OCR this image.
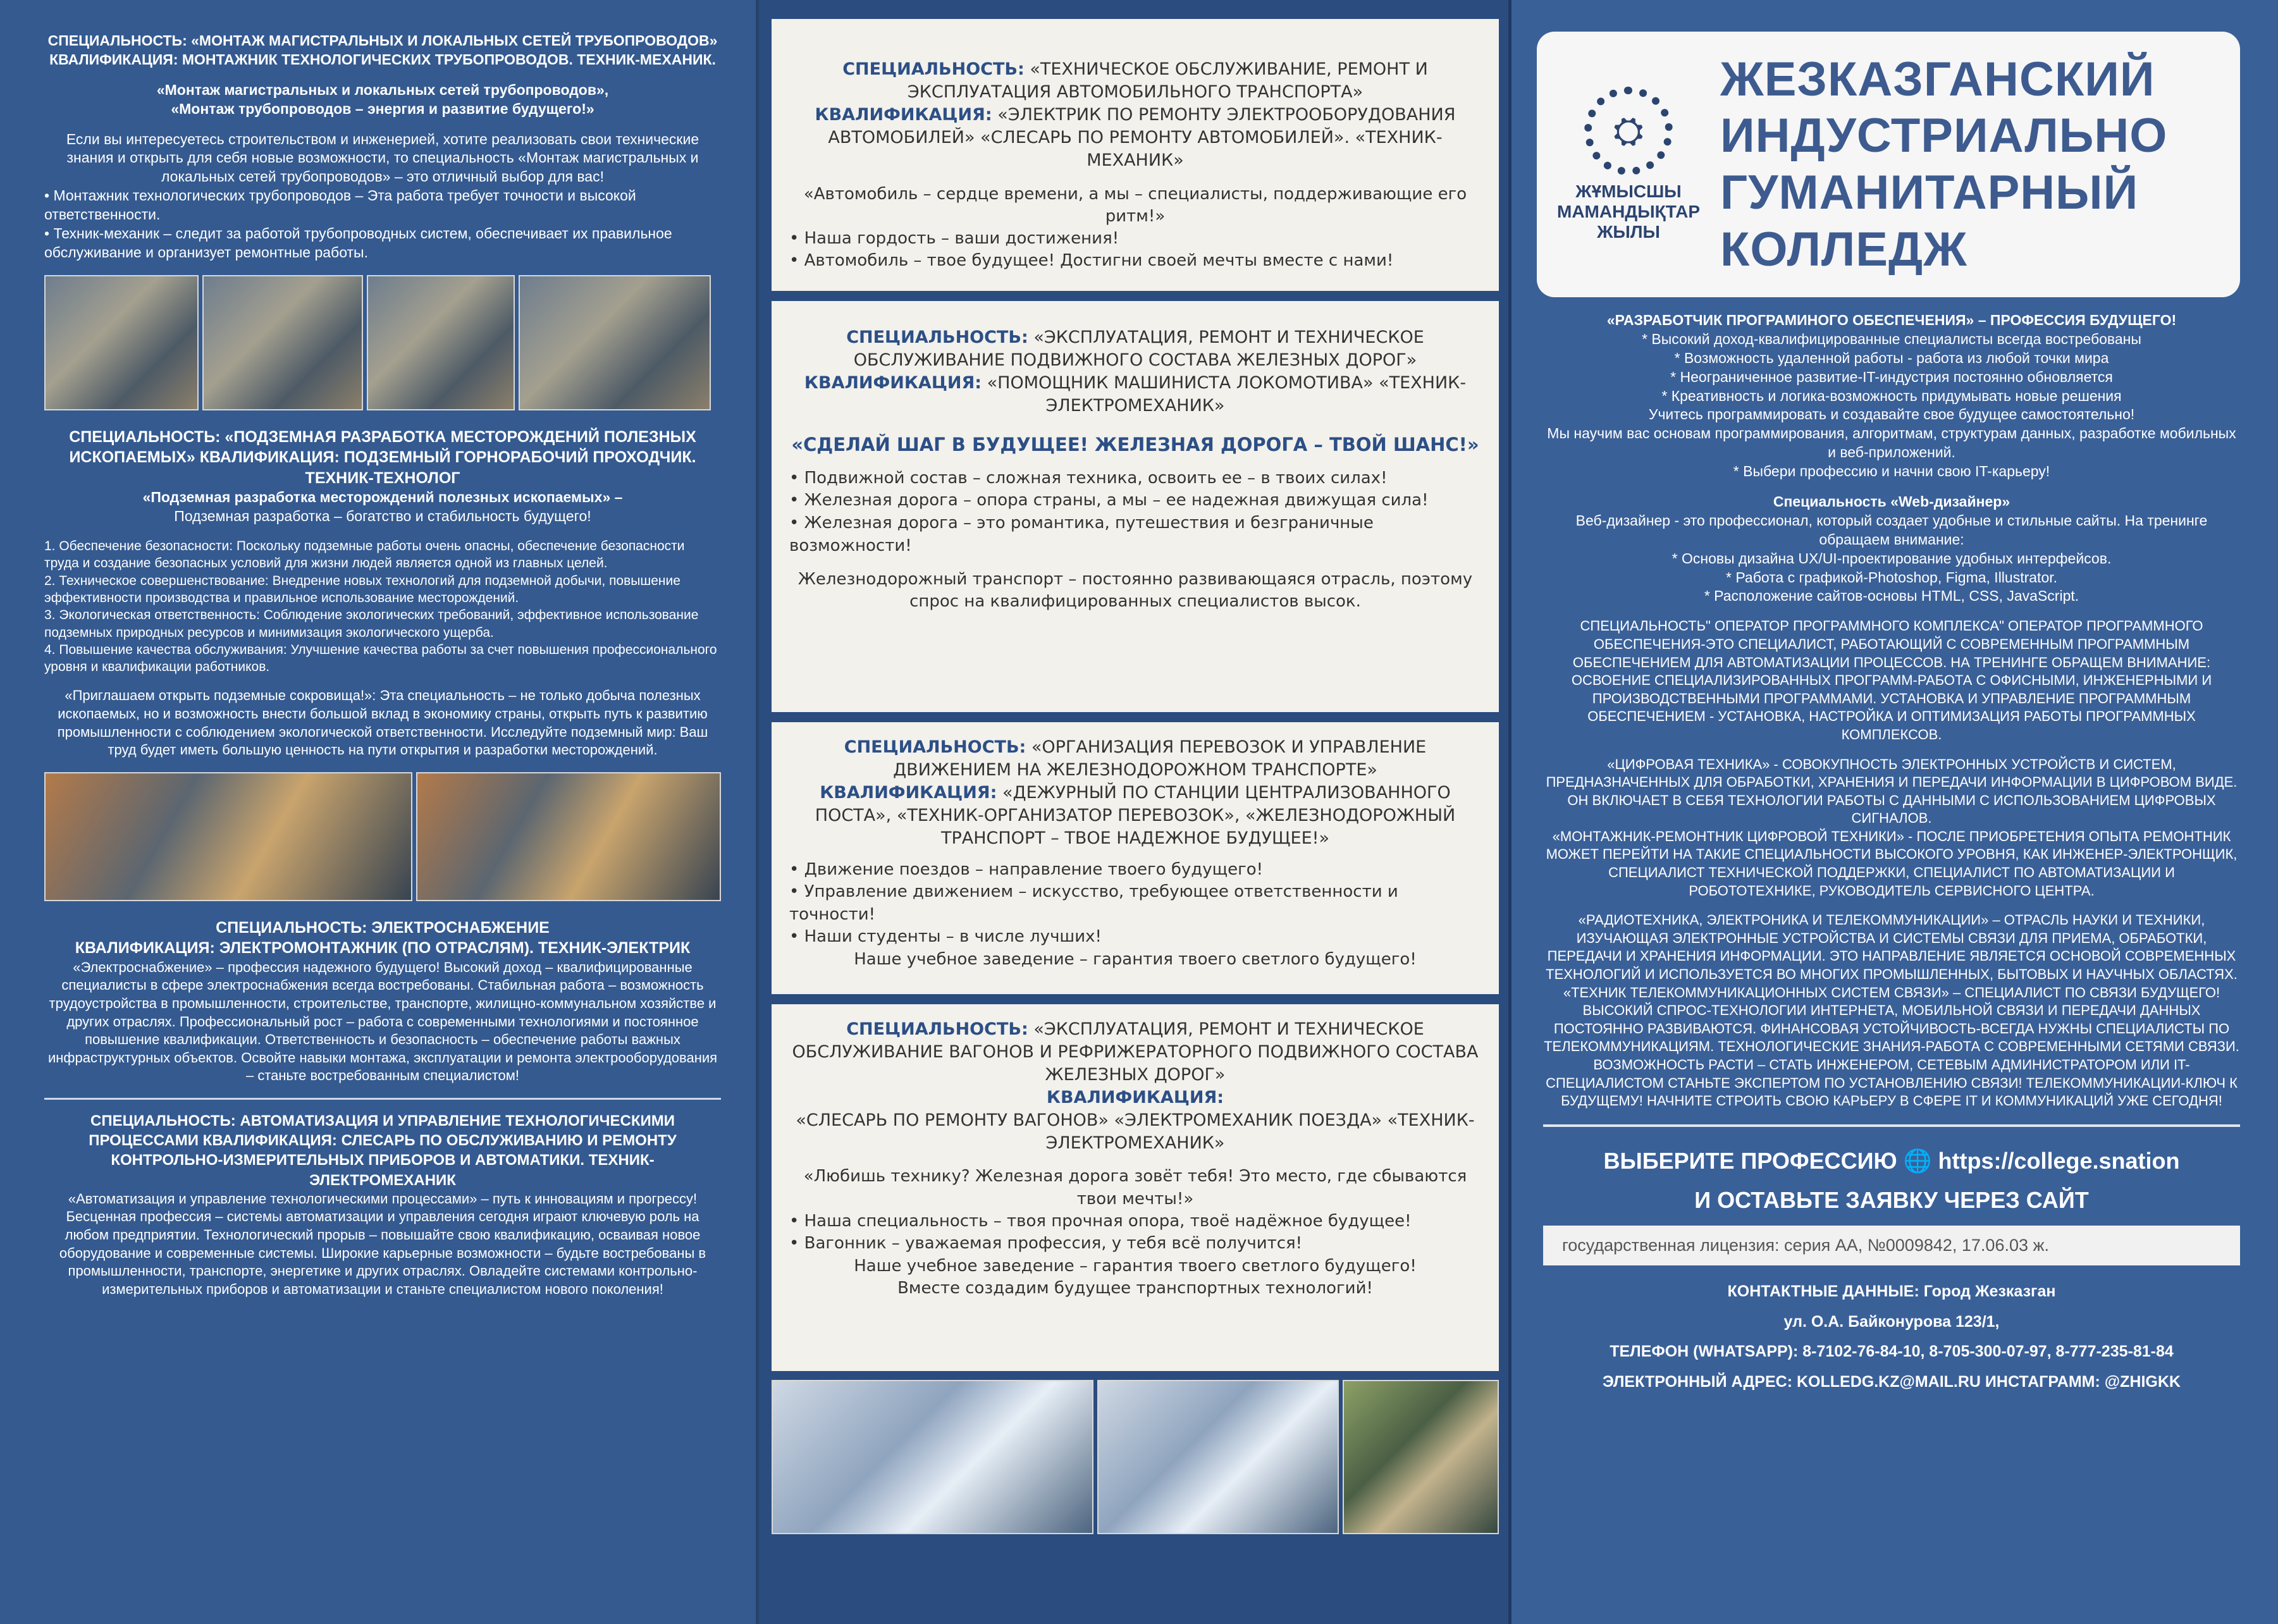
СПЕЦИАЛЬНОСТЬ: «МОНТАЖ МАГИСТРАЛЬНЫХ И ЛОКАЛЬНЫХ СЕТЕЙ ТРУБОПРОВОДОВ» КВАЛИФИКАЦИЯ: МОНТАЖНИК ТЕХНОЛОГИЧЕСКИХ ТРУБОПРОВОДОВ. ТЕХНИК-МЕХАНИК.

«Монтаж магистральных и локальных сетей трубопроводов»,

«Монтаж трубопроводов – энергия и развитие будущего!»

Если вы интересуетесь строительством и инженерией, хотите реализовать свои технические знания и открыть для себя новые возможности, то специальность «Монтаж магистральных и локальных сетей трубопроводов» – это отличный выбор для вас!

• Монтажник технологических трубопроводов – Эта работа требует точности и высокой ответственности.

• Техник-механик – следит за работой трубопроводных систем, обеспечивает их правильное обслуживание и организует ремонтные работы.

СПЕЦИАЛЬНОСТЬ: «ПОДЗЕМНАЯ РАЗРАБОТКА МЕСТОРОЖДЕНИЙ ПОЛЕЗНЫХ ИСКОПАЕМЫХ» КВАЛИФИКАЦИЯ: ПОДЗЕМНЫЙ ГОРНОРАБОЧИЙ ПРОХОДЧИК. ТЕХНИК-ТЕХНОЛОГ

«Подземная разработка месторождений полезных ископаемых» –

Подземная разработка – богатство и стабильность будущего!

1. Обеспечение безопасности: Поскольку подземные работы очень опасны, обеспечение безопасности труда и создание безопасных условий для жизни людей является одной из главных целей.

2. Техническое совершенствование: Внедрение новых технологий для подземной добычи, повышение эффективности производства и правильное использование месторождений.

3. Экологическая ответственность: Соблюдение экологических требований, эффективное использование подземных природных ресурсов и минимизация экологического ущерба.

4. Повышение качества обслуживания: Улучшение качества работы за счет повышения профессионального уровня и квалификации работников.

«Приглашаем открыть подземные сокровища!»: Эта специальность – не только добыча полезных ископаемых, но и возможность внести большой вклад в экономику страны, открыть путь к развитию промышленности с соблюдением экологической ответственности. Исследуйте подземный мир: Ваш труд будет иметь большую ценность на пути открытия и разработки месторождений.

СПЕЦИАЛЬНОСТЬ: ЭЛЕКТРОСНАБЖЕНИЕ

КВАЛИФИКАЦИЯ: ЭЛЕКТРОМОНТАЖНИК (ПО ОТРАСЛЯМ). ТЕХНИК-ЭЛЕКТРИК

«Электроснабжение» – профессия надежного будущего! Высокий доход – квалифицированные специалисты в сфере электроснабжения всегда востребованы. Стабильная работа – возможность трудоустройства в промышленности, строительстве, транспорте, жилищно-коммунальном хозяйстве и других отраслях. Профессиональный рост – работа с современными технологиями и постоянное повышение квалификации. Ответственность и безопасность – обеспечение работы важных инфраструктурных объектов. Освойте навыки монтажа, эксплуатации и ремонта электрооборудования – станьте востребованным специалистом!

СПЕЦИАЛЬНОСТЬ: АВТОМАТИЗАЦИЯ И УПРАВЛЕНИЕ ТЕХНОЛОГИЧЕСКИМИ ПРОЦЕССАМИ КВАЛИФИКАЦИЯ: СЛЕСАРЬ ПО ОБСЛУЖИВАНИЮ И РЕМОНТУ КОНТРОЛЬНО-ИЗМЕРИТЕЛЬНЫХ ПРИБОРОВ И АВТОМАТИКИ. ТЕХНИК-ЭЛЕКТРОМЕХАНИК

«Автоматизация и управление технологическими процессами» – путь к инновациям и прогрессу! Бесценная профессия – системы автоматизации и управления сегодня играют ключевую роль на любом предприятии. Технологический прорыв – повышайте свою квалификацию, осваивая новое оборудование и современные системы. Широкие карьерные возможности – будьте востребованы в промышленности, транспорте, энергетике и других отраслях. Овладейте системами контрольно-измерительных приборов и автоматизации и станьте специалистом нового поколения!

СПЕЦИАЛЬНОСТЬ: «ТЕХНИЧЕСКОЕ ОБСЛУЖИВАНИЕ, РЕМОНТ И ЭКСПЛУАТАЦИЯ АВТОМОБИЛЬНОГО ТРАНСПОРТА»
КВАЛИФИКАЦИЯ: «ЭЛЕКТРИК ПО РЕМОНТУ ЭЛЕКТРООБОРУДОВАНИЯ АВТОМОБИЛЕЙ» «СЛЕСАРЬ ПО РЕМОНТУ АВТОМОБИЛЕЙ». «ТЕХНИК-МЕХАНИК»

«Автомобиль – сердце времени, а мы – специалисты, поддерживающие его ритм!»

• Наша гордость – ваши достижения!

• Автомобиль – твое будущее! Достигни своей мечты вместе с нами!

СПЕЦИАЛЬНОСТЬ: «ЭКСПЛУАТАЦИЯ, РЕМОНТ И ТЕХНИЧЕСКОЕ ОБСЛУЖИВАНИЕ ПОДВИЖНОГО СОСТАВА ЖЕЛЕЗНЫХ ДОРОГ»
КВАЛИФИКАЦИЯ: «ПОМОЩНИК МАШИНИСТА ЛОКОМОТИВА» «ТЕХНИК-ЭЛЕКТРОМЕХАНИК»

«СДЕЛАЙ ШАГ В БУДУЩЕЕ! ЖЕЛЕЗНАЯ ДОРОГА – ТВОЙ ШАНС!»

• Подвижной состав – сложная техника, освоить ее – в твоих силах!

• Железная дорога – опора страны, а мы – ее надежная движущая сила!

• Железная дорога – это романтика, путешествия и безграничные возможности!

Железнодорожный транспорт – постоянно развивающаяся отрасль, поэтому спрос на квалифицированных специалистов высок.

СПЕЦИАЛЬНОСТЬ: «ОРГАНИЗАЦИЯ ПЕРЕВОЗОК И УПРАВЛЕНИЕ ДВИЖЕНИЕМ НА ЖЕЛЕЗНОДОРОЖНОМ ТРАНСПОРТЕ»
КВАЛИФИКАЦИЯ: «ДЕЖУРНЫЙ ПО СТАНЦИИ ЦЕНТРАЛИЗОВАННОГО ПОСТА», «ТЕХНИК-ОРГАНИЗАТОР ПЕРЕВОЗОК», «ЖЕЛЕЗНОДОРОЖНЫЙ ТРАНСПОРТ – ТВОЕ НАДЕЖНОЕ БУДУЩЕЕ!»

• Движение поездов – направление твоего будущего!

• Управление движением – искусство, требующее ответственности и точности!

• Наши студенты – в числе лучших!

Наше учебное заведение – гарантия твоего светлого будущего!

СПЕЦИАЛЬНОСТЬ: «ЭКСПЛУАТАЦИЯ, РЕМОНТ И ТЕХНИЧЕСКОЕ ОБСЛУЖИВАНИЕ ВАГОНОВ И РЕФРИЖЕРАТОРНОГО ПОДВИЖНОГО СОСТАВА ЖЕЛЕЗНЫХ ДОРОГ»
КВАЛИФИКАЦИЯ:
«СЛЕСАРЬ ПО РЕМОНТУ ВАГОНОВ» «ЭЛЕКТРОМЕХАНИК ПОЕЗДА» «ТЕХНИК-ЭЛЕКТРОМЕХАНИК»

«Любишь технику? Железная дорога зовёт тебя! Это место, где сбываются твои мечты!»

• Наша специальность – твоя прочная опора, твоё надёжное будущее!

• Вагонник – уважаемая профессия, у тебя всё получится!

Наше учебное заведение – гарантия твоего светлого будущего!

Вместе создадим будущее транспортных технологий!

⛭
ЖҰМЫСШЫ
МАМАНДЫҚТАР
ЖЫЛЫ
ЖЕЗКАЗГАНСКИЙ
ИНДУСТРИАЛЬНО
ГУМАНИТАРНЫЙ
КОЛЛЕДЖ

«РАЗРАБОТЧИК ПРОГРАМИНОГО ОБЕСПЕЧЕНИЯ» – ПРОФЕССИЯ БУДУЩЕГО!

* Высокий доход-квалифицированные специалисты всегда востребованы

* Возможность удаленной работы - работа из любой точки мира

* Неограниченное развитие-IT-индустрия постоянно обновляется

* Креативность и логика-возможность придумывать новые решения

Учитесь программировать и создавайте свое будущее самостоятельно!

Мы научим вас основам программирования, алгоритмам, структурам данных, разработке мобильных и веб-приложений.

* Выбери профессию и начни свою IT-карьеру!

Специальность «Web-дизайнер»

Веб-дизайнер - это профессионал, который создает удобные и стильные сайты. На тренинге обращаем внимание:

* Основы дизайна UX/UI-проектирование удобных интерфейсов.

* Работа с графикой-Photoshop, Figma, Illustrator.

* Расположение сайтов-основы HTML, CSS, JavaScript.

СПЕЦИАЛЬНОСТЬ" ОПЕРАТОР ПРОГРАММНОГО КОМПЛЕКСА" ОПЕРАТОР ПРОГРАММНОГО ОБЕСПЕЧЕНИЯ-ЭТО СПЕЦИАЛИСТ, РАБОТАЮЩИЙ С СОВРЕМЕННЫМ ПРОГРАММНЫМ ОБЕСПЕЧЕНИЕМ ДЛЯ АВТОМАТИЗАЦИИ ПРОЦЕССОВ. НА ТРЕНИНГЕ ОБРАЩЕМ ВНИМАНИЕ: ОСВОЕНИЕ СПЕЦИАЛИЗИРОВАННЫХ ПРОГРАММ-РАБОТА С ОФИСНЫМИ, ИНЖЕНЕРНЫМИ И ПРОИЗВОДСТВЕННЫМИ ПРОГРАММАМИ. УСТАНОВКА И УПРАВЛЕНИЕ ПРОГРАММНЫМ ОБЕСПЕЧЕНИЕМ - УСТАНОВКА, НАСТРОЙКА И ОПТИМИЗАЦИЯ РАБОТЫ ПРОГРАММНЫХ КОМПЛЕКСОВ.

«ЦИФРОВАЯ ТЕХНИКА» - СОВОКУПНОСТЬ ЭЛЕКТРОННЫХ УСТРОЙСТВ И СИСТЕМ, ПРЕДНАЗНАЧЕННЫХ ДЛЯ ОБРАБОТКИ, ХРАНЕНИЯ И ПЕРЕДАЧИ ИНФОРМАЦИИ В ЦИФРОВОМ ВИДЕ. ОН ВКЛЮЧАЕТ В СЕБЯ ТЕХНОЛОГИИ РАБОТЫ С ДАННЫМИ С ИСПОЛЬЗОВАНИЕМ ЦИФРОВЫХ СИГНАЛОВ.

«МОНТАЖНИК-РЕМОНТНИК ЦИФРОВОЙ ТЕХНИКИ» - ПОСЛЕ ПРИОБРЕТЕНИЯ ОПЫТА РЕМОНТНИК МОЖЕТ ПЕРЕЙТИ НА ТАКИЕ СПЕЦИАЛЬНОСТИ ВЫСОКОГО УРОВНЯ, КАК ИНЖЕНЕР-ЭЛЕКТРОНЩИК, СПЕЦИАЛИСТ ТЕХНИЧЕСКОЙ ПОДДЕРЖКИ, СПЕЦИАЛИСТ ПО АВТОМАТИЗАЦИИ И РОБОТОТЕХНИКЕ, РУКОВОДИТЕЛЬ СЕРВИСНОГО ЦЕНТРА.

«РАДИОТЕХНИКА, ЭЛЕКТРОНИКА И ТЕЛЕКОММУНИКАЦИИ» – ОТРАСЛЬ НАУКИ И ТЕХНИКИ, ИЗУЧАЮЩАЯ ЭЛЕКТРОННЫЕ УСТРОЙСТВА И СИСТЕМЫ СВЯЗИ ДЛЯ ПРИЕМА, ОБРАБОТКИ, ПЕРЕДАЧИ И ХРАНЕНИЯ ИНФОРМАЦИИ. ЭТО НАПРАВЛЕНИЕ ЯВЛЯЕТСЯ ОСНОВОЙ СОВРЕМЕННЫХ ТЕХНОЛОГИЙ И ИСПОЛЬЗУЕТСЯ ВО МНОГИХ ПРОМЫШЛЕННЫХ, БЫТОВЫХ И НАУЧНЫХ ОБЛАСТЯХ.

«ТЕХНИК ТЕЛЕКОММУНИКАЦИОННЫХ СИСТЕМ СВЯЗИ» – СПЕЦИАЛИСТ ПО СВЯЗИ БУДУЩЕГО! ВЫСОКИЙ СПРОС-ТЕХНОЛОГИИ ИНТЕРНЕТА, МОБИЛЬНОЙ СВЯЗИ И ПЕРЕДАЧИ ДАННЫХ ПОСТОЯННО РАЗВИВАЮТСЯ. ФИНАНСОВАЯ УСТОЙЧИВОСТЬ-ВСЕГДА НУЖНЫ СПЕЦИАЛИСТЫ ПО ТЕЛЕКОММУНИКАЦИЯМ. ТЕХНОЛОГИЧЕСКИЕ ЗНАНИЯ-РАБОТА С СОВРЕМЕННЫМИ СЕТЯМИ СВЯЗИ. ВОЗМОЖНОСТЬ РАСТИ – СТАТЬ ИНЖЕНЕРОМ, СЕТЕВЫМ АДМИНИСТРАТОРОМ ИЛИ IT-СПЕЦИАЛИСТОМ СТАНЬТЕ ЭКСПЕРТОМ ПО УСТАНОВЛЕНИЮ СВЯЗИ! ТЕЛЕКОММУНИКАЦИИ-КЛЮЧ К БУДУЩЕМУ! НАЧНИТЕ СТРОИТЬ СВОЮ КАРЬЕРУ В СФЕРЕ IT И КОММУНИКАЦИЙ УЖЕ СЕГОДНЯ!

ВЫБЕРИТЕ ПРОФЕССИЮ 🌐 https://college.snation
И ОСТАВЬТЕ ЗАЯВКУ ЧЕРЕЗ САЙТ
государственная лицензия: серия АА, №0009842, 17.06.03 ж.

КОНТАКТНЫЕ ДАННЫЕ: Город Жезказган

ул. О.А. Байконурова 123/1,

ТЕЛЕФОН (WHATSAPP): 8-7102-76-84-10, 8-705-300-07-97, 8-777-235-81-84

ЭЛЕКТРОННЫЙ АДРЕС: KOLLEDG.KZ@MAIL.RU ИНСТАГРАММ: @ZHIGKK
